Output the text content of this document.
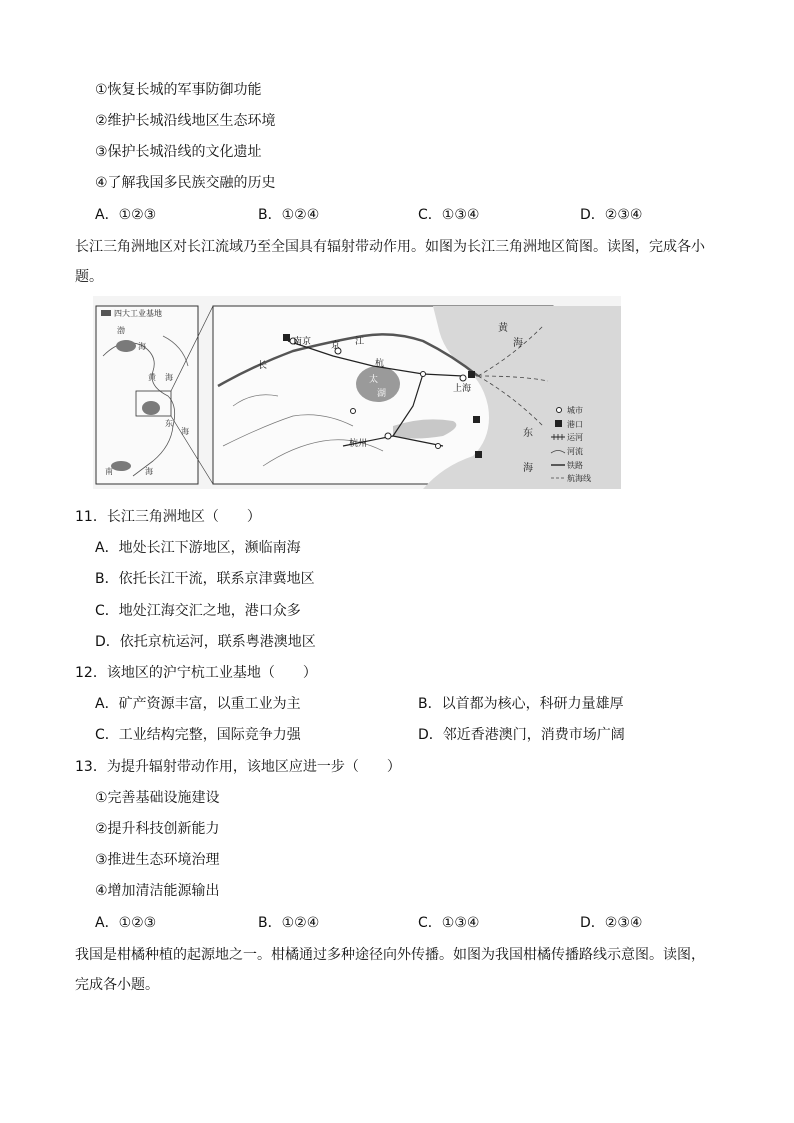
①恢复长城的军事防御功能
②维护长城沿线地区生态环境
③保护长城沿线的文化遗址
④了解我国多民族交融的历史
A．①②③	B．①②④	C．①③④	D．②③④
长江三角洲地区对长江流域乃至全国具有辐射带动作用。如图为长江三角洲地区简图。读图，完成各小
题。
四大工业基地
渤
海
黄 海
东
海
南	海
南京 京 江
杭
长
太
湖	上海
杭州
黄
海
东
海
城市
港口
运河
河流
铁路
航海线
11．长江三角洲地区（　　）
A．地处长江下游地区，濒临南海
B．依托长江干流，联系京津冀地区
C．地处江海交汇之地，港口众多
D．依托京杭运河，联系粤港澳地区
12．该地区的沪宁杭工业基地（　　）
A．矿产资源丰富，以重工业为主	B．以首都为核心，科研力量雄厚
C．工业结构完整，国际竞争力强	D．邻近香港澳门，消费市场广阔
13．为提升辐射带动作用，该地区应进一步（　　）
①完善基础设施建设
②提升科技创新能力
③推进生态环境治理
④增加清洁能源输出
A．①②③	B．①②④	C．①③④	D．②③④
我国是柑橘种植的起源地之一。柑橘通过多种途径向外传播。如图为我国柑橘传播路线示意图。读图，
完成各小题。
